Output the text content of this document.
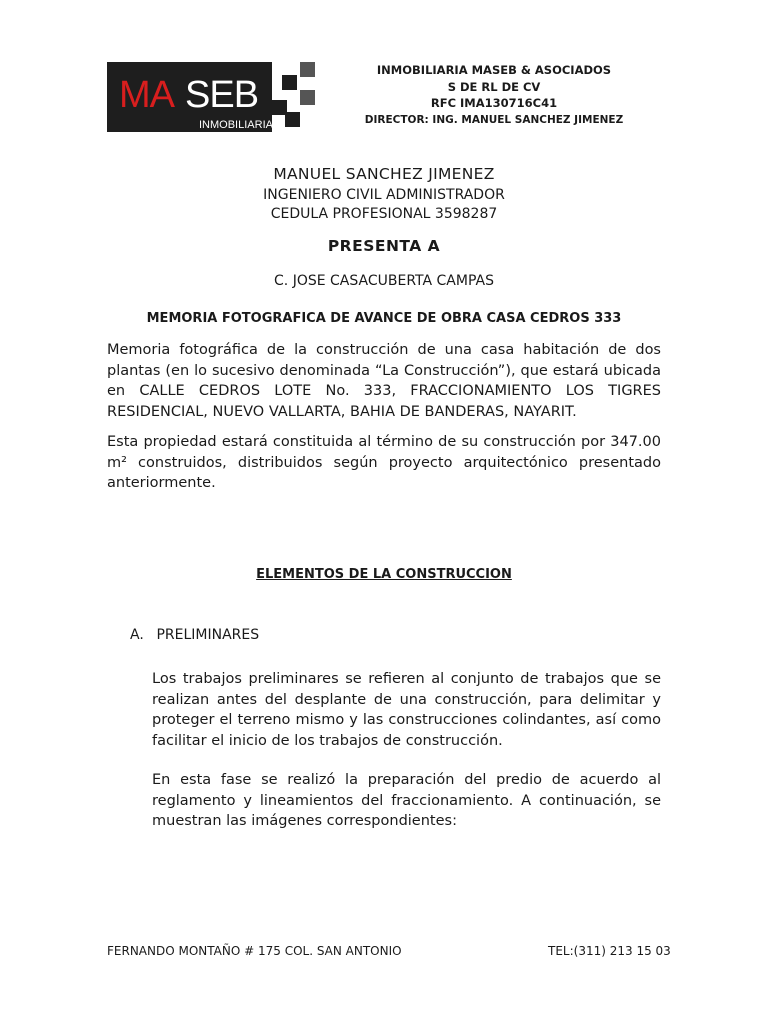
MA SEB
INMOBILIARIA
INMOBILIARIA MASEB & ASOCIADOS
S DE RL DE CV
RFC IMA130716C41
DIRECTOR: ING. MANUEL SANCHEZ JIMENEZ
MANUEL SANCHEZ JIMENEZ
INGENIERO CIVIL ADMINISTRADOR
CEDULA PROFESIONAL 3598287
PRESENTA A
C. JOSE CASACUBERTA CAMPAS
MEMORIA FOTOGRAFICA DE AVANCE DE OBRA CASA CEDROS 333

Memoria fotográfica de la construcción de una casa habitación de dos plantas (en lo sucesivo denominada “La Construcción”), que estará ubicada en CALLE CEDROS LOTE No. 333, FRACCIONAMIENTO LOS TIGRES RESIDENCIAL, NUEVO VALLARTA, BAHIA DE BANDERAS, NAYARIT.

Esta propiedad estará constituida al término de su construcción por 347.00 m² construidos, distribuidos según proyecto arquitectónico presentado anteriormente.

ELEMENTOS DE LA CONSTRUCCION
A. PRELIMINARES

Los trabajos preliminares se refieren al conjunto de trabajos que se realizan antes del desplante de una construcción, para delimitar y proteger el terreno mismo y las construcciones colindantes, así como facilitar el inicio de los trabajos de construcción.

En esta fase se realizó la preparación del predio de acuerdo al reglamento y lineamientos del fraccionamiento. A continuación, se muestran las imágenes correspondientes:

FERNANDO MONTAÑO # 175 COL. SAN ANTONIO	TEL:(311) 213 15 03
